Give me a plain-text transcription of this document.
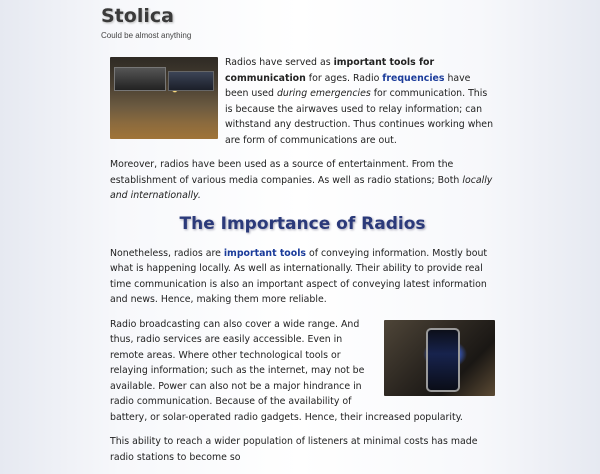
Stolica
Could be almost anything

Radios have served as important tools for communication for ages. Radio frequencies have been used during emergencies for communication. This is because the airwaves used to relay information; can withstand any destruction. Thus continues working when are form of communications are out.

Moreover, radios have been used as a source of entertainment. From the establishment of various media companies. As well as radio stations; Both locally and internationally.

The Importance of Radios

Nonetheless, radios are important tools of conveying information. Mostly bout what is happening locally. As well as internationally. Their ability to provide real time communication is also an important aspect of conveying latest information and news. Hence, making them more reliable.

Radio broadcasting can also cover a wide range. And thus, radio services are easily accessible. Even in remote areas. Where other technological tools or relaying information; such as the internet, may not be available. Power can also not be a major hindrance in radio communication. Because of the availability of battery, or solar-operated radio gadgets. Hence, their increased popularity.

This ability to reach a wider population of listeners at minimal costs has made radio stations to become so
